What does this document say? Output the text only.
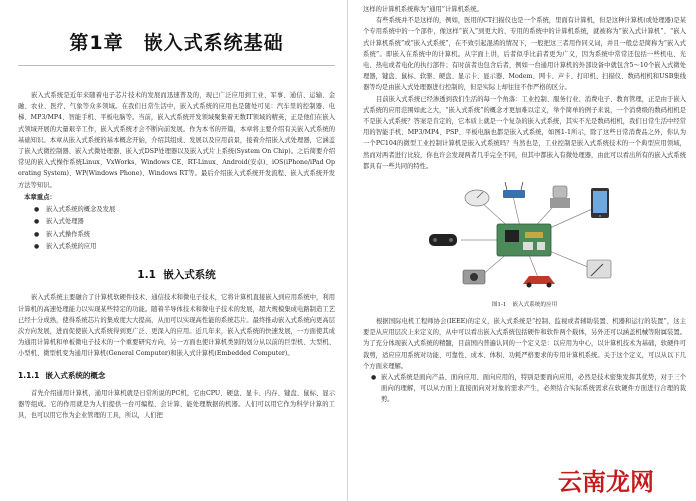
第1章　嵌入式系统基础

嵌入式系统是近年来随着电子芯片技术的发展而迅速普及的，现已广泛应用到工业、军事、通信、运输、金融、农业、医疗、气象等众多领域。在我们日常生活中，嵌入式系统的应用也是随处可见：汽车里的控制器、电梯、MP3/MP4、智能手机、平板电脑等。当前，嵌入式系统开发领域聚集着无数IT领域的精英，正是他们在嵌入式领域开展的大量艰辛工作，嵌入式系统才会不断向前发展。作为本书的开篇，本章将主要介绍有关嵌入式系统的基础知识。本章从嵌入式系统的基本概念开始，介绍其组成、发展以及应用前景，接着介绍嵌入式处理器，它涵盖了嵌入式微控制器、嵌入式微处理器、嵌入式DSP处理器以及嵌入式片上系统(System On Chip)。之后简要介绍常见的嵌入式操作系统Linux、VxWorks、Windows CE、RT-Linux、Android(安卓)、iOS(iPhone/iPad Operating System)、WP(Windows Phone)、Windows RT等。最后介绍嵌入式系统开发流程、嵌入式系统开发方法等知识。

本章重点：
● 嵌入式系统的概念及发展
● 嵌入式处理器
● 嵌入式操作系统
● 嵌入式系统的应用
1.1 嵌入式系统

嵌入式系统主要融合了计算机软硬件技术、通信技术和微电子技术，它将计算机直接嵌入到应用系统中，利用计算机的高速处理能力以实现某些特定的功能。随着半导体技术和微电子技术的发展，超大规模集成电路制造工艺已经十分成熟，使得系统芯片的集成度大大提高，从而可以实现高性能的系统芯片。最终推动嵌入式系统向更高层次方向发展，进而促使嵌入式系统得到更广泛、更深入的应用。近几年来，嵌入式系统的快速发展，一方面使其成为通用计算机和单板微电子技术的一个重要研究方向，另一方面也使计算机类别的划分从以前的巨型机、大型机、小型机、微型机变为通用计算机(General Computer)和嵌入式计算机(Embedded Computer)。

1.1.1 嵌入式系统的概念

首先介绍通用计算机，通用计算机就是日常所说的PC机，它由CPU、硬盘、显卡、内存、键盘、鼠标、显示器等组成。它的作用就是为人们提供一台可编程、会计算、能处理数据的机器。人们可以用它作为科学计算的工具，也可以用它作为企业管理的工具，所以，人们把

这样的计算机系统称为“通用”计算机系统。

有些系统并不是这样的，例如，医用的CT扫描仪也是一个系统，里面有计算机，但是这种计算机(或处理器)是某个专用系统中的一个部件，像这样“嵌入”到更大的、专用的系统中的计算机系统，就被称为“嵌入式计算机”、“嵌入式计算机系统”或“嵌入式系统”，在不致引起混淆的情况下，一般把这三者用作同义词，并且一般总是简称为“嵌入式系统”。即嵌入在系统中的计算机。从字面上讲，后者似乎比前者更为广义，因为系统中常常还包括一些机电、光电、热电或者电化的执行部件；有时前者也包含后者，例如一台通用计算机的外部设备中就包含5～10个嵌入式微处理器，键盘、鼠标、软驱、硬盘、显示卡、显示器、Modem、网卡、声卡、打印机、扫描仪、数码相机和USB集线器等均是由嵌入式处理器进行控制的，但是实际上却往往不作严格的区分。

目前嵌入式系统已经渗透到我们生活的每一个角落：工业控制、服务行业、消费电子、教育管理，正是由于嵌入式系统的应用范围如此之大，“嵌入式系统”的概念才更加难以定义，举个简单的例子来说，一个消费级的数码相机是不是嵌入式系统？答案是肯定的，它本质上就是一个复杂的嵌入式系统，其实不光是数码相机，我们日常生活中经常用的智能手机、MP3/MP4、PSP、平板电脑也都是嵌入式系统，如图1-1所示，除了这些日常消费品之外，你认为一个PC104的微型工业控制计算机是嵌入式系统吗？当然也是，工业控制是嵌入式系统技术的一个典型应用领域，然而对两者进行比较，你也许会发现两者几乎完全不同，但其中都嵌入有微处理器，由此可以看出所有的嵌入式系统都具有一些共同的特性。

图1-1 嵌入式系统的应用

根据国际电机工程师协会(IEEE)的定义，嵌入式系统是“控制、监视或者辅助装置、机器和运行的装置”，这主要是从应用层次上来定义的，从中可以看出嵌入式系统包括硬件和软件两个载体，另外还可以涵盖机械等附属装置。为了充分体现嵌入式系统的精髓，目前国内普遍认同的一个定义是：以应用为中心，以计算机技术为基础，软硬件可裁剪，适应应用系统对功能、可靠性、成本、体积、功耗严格要求的专用计算机系统。关于这个定义，可以从以下几个方面来理解。

● 嵌入式系统是面向产品、面向应用、面向应用的，特别是要面向应用，必然是技术密集发挥其优势，对于三个面向的理解，可以从方面上直接面向对对象的需求产生，必须结合实际系统需求在软硬件方面进行合理的裁剪。
云南龙网
